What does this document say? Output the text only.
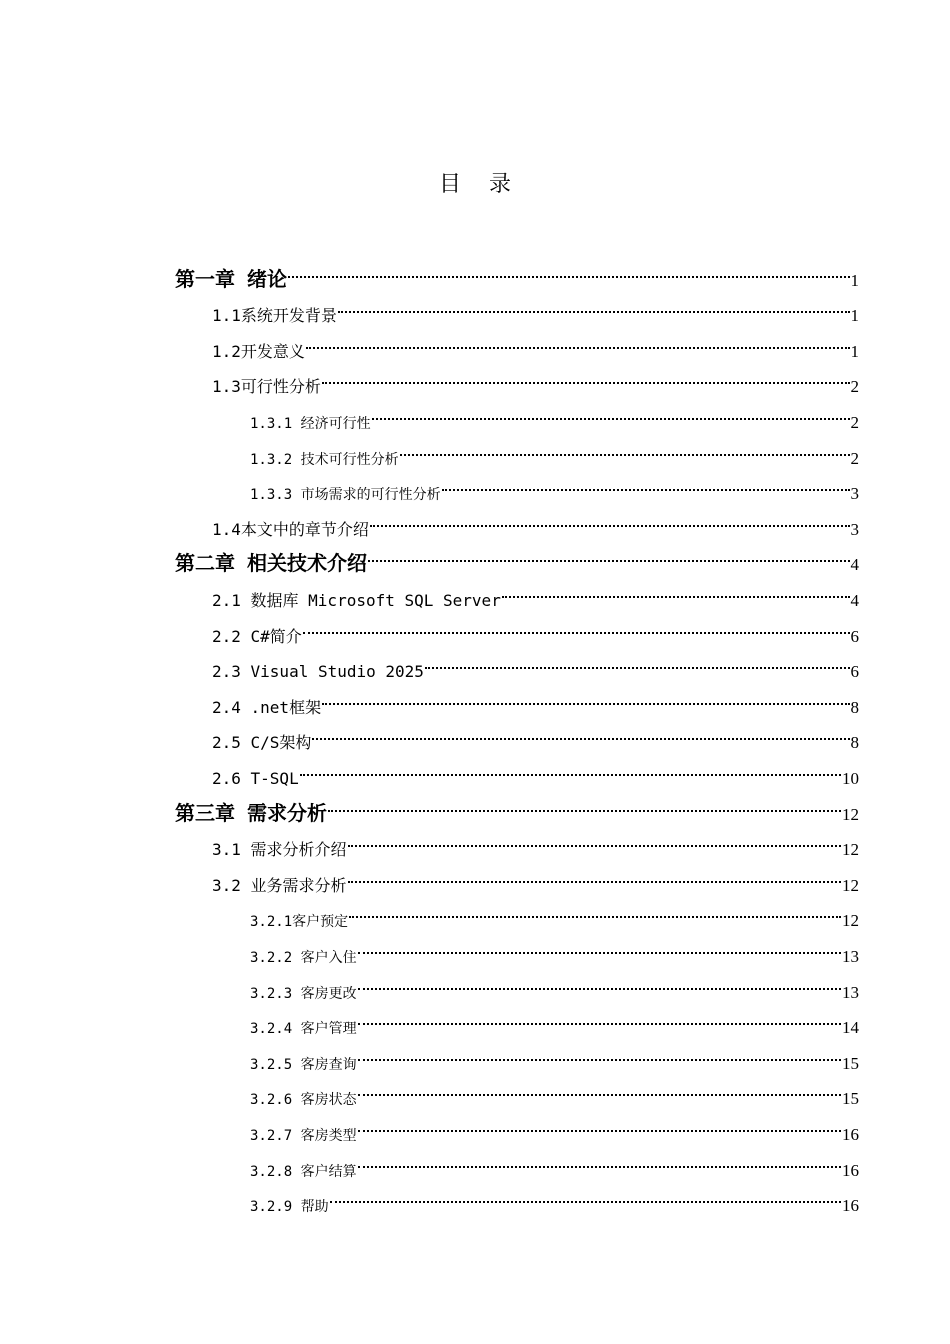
目录
第一章 绪论	1
1.1系统开发背景	1
1.2开发意义	1
1.3可行性分析	2
1.3.1 经济可行性	2
1.3.2 技术可行性分析	2
1.3.3 市场需求的可行性分析	3
1.4本文中的章节介绍	3
第二章 相关技术介绍	4
2.1 数据库 Microsoft SQL Server	4
2.2 C#简介	6
2.3 Visual Studio 2025	6
2.4 .net框架	8
2.5 C/S架构	8
2.6 T-SQL	10
第三章 需求分析	12
3.1 需求分析介绍	12
3.2 业务需求分析	12
3.2.1客户预定	12
3.2.2 客户入住	13
3.2.3 客房更改	13
3.2.4 客户管理	14
3.2.5 客房查询	15
3.2.6 客房状态	15
3.2.7 客房类型	16
3.2.8 客户结算	16
3.2.9 帮助	16
